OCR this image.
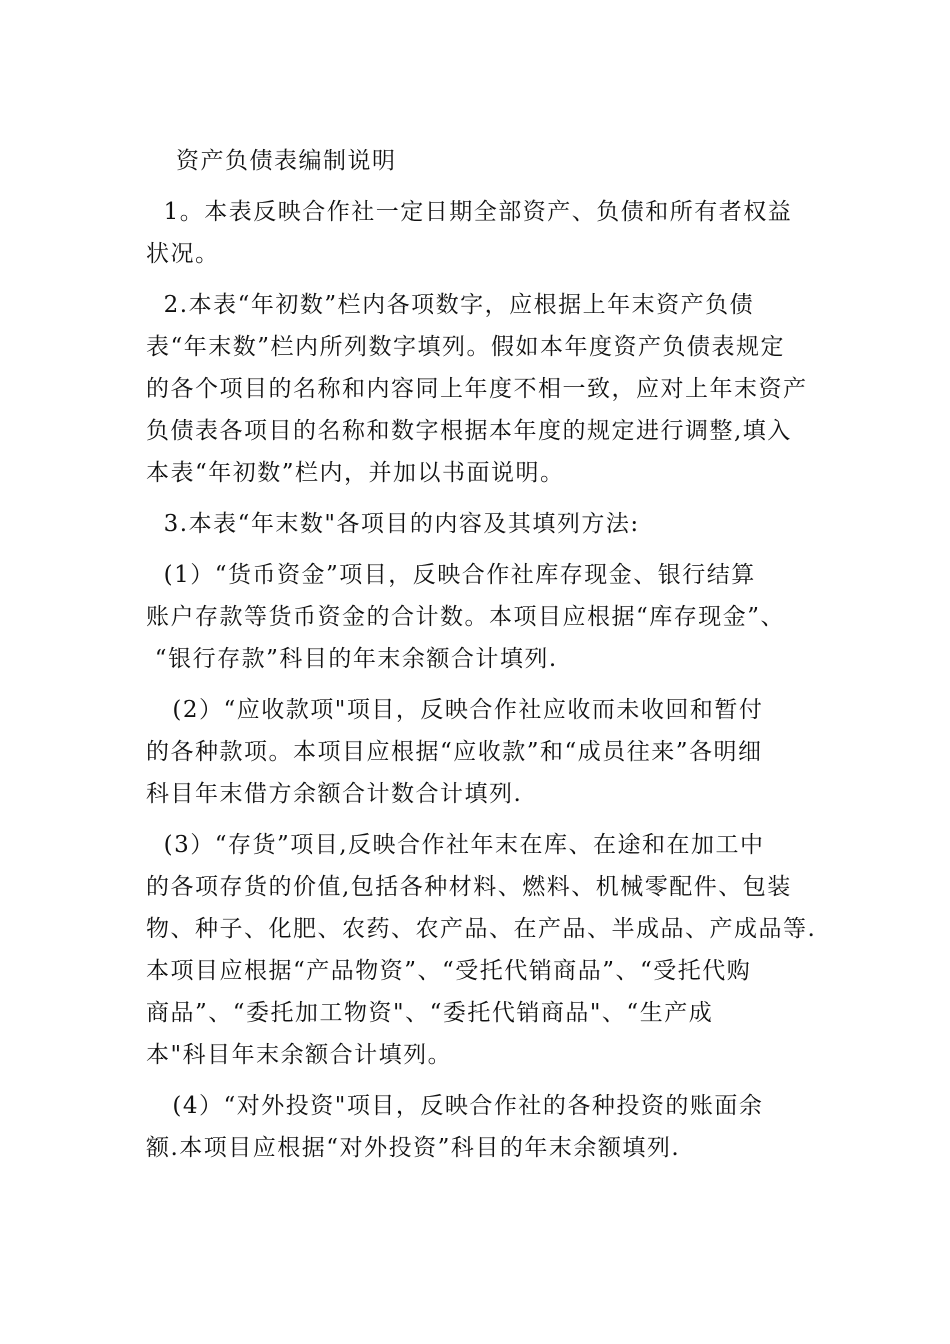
资产负债表编制说明
1。本表反映合作社一定日期全部资产、负债和所有者权益
状况。
2.本表“年初数”栏内各项数字，应根据上年末资产负债
表“年末数”栏内所列数字填列。假如本年度资产负债表规定
的各个项目的名称和内容同上年度不相一致，应对上年末资产
负债表各项目的名称和数字根据本年度的规定进行调整,填入
本表“年初数”栏内，并加以书面说明。
3.本表“年末数"各项目的内容及其填列方法:
(1）“货币资金”项目，反映合作社库存现金、银行结算
账户存款等货币资金的合计数。本项目应根据“库存现金”、
“银行存款”科目的年末余额合计填列.
(2）“应收款项"项目，反映合作社应收而未收回和暂付
的各种款项。本项目应根据“应收款”和“成员往来”各明细
科目年末借方余额合计数合计填列.
(3）“存货”项目,反映合作社年末在库、在途和在加工中
的各项存货的价值,包括各种材料、燃料、机械零配件、包装
物、种子、化肥、农药、农产品、在产品、半成品、产成品等.
本项目应根据“产品物资”、“受托代销商品”、“受托代购
商品”、“委托加工物资"、“委托代销商品"、“生产成
本"科目年末余额合计填列。
(4）“对外投资"项目，反映合作社的各种投资的账面余
额.本项目应根据“对外投资”科目的年末余额填列.
